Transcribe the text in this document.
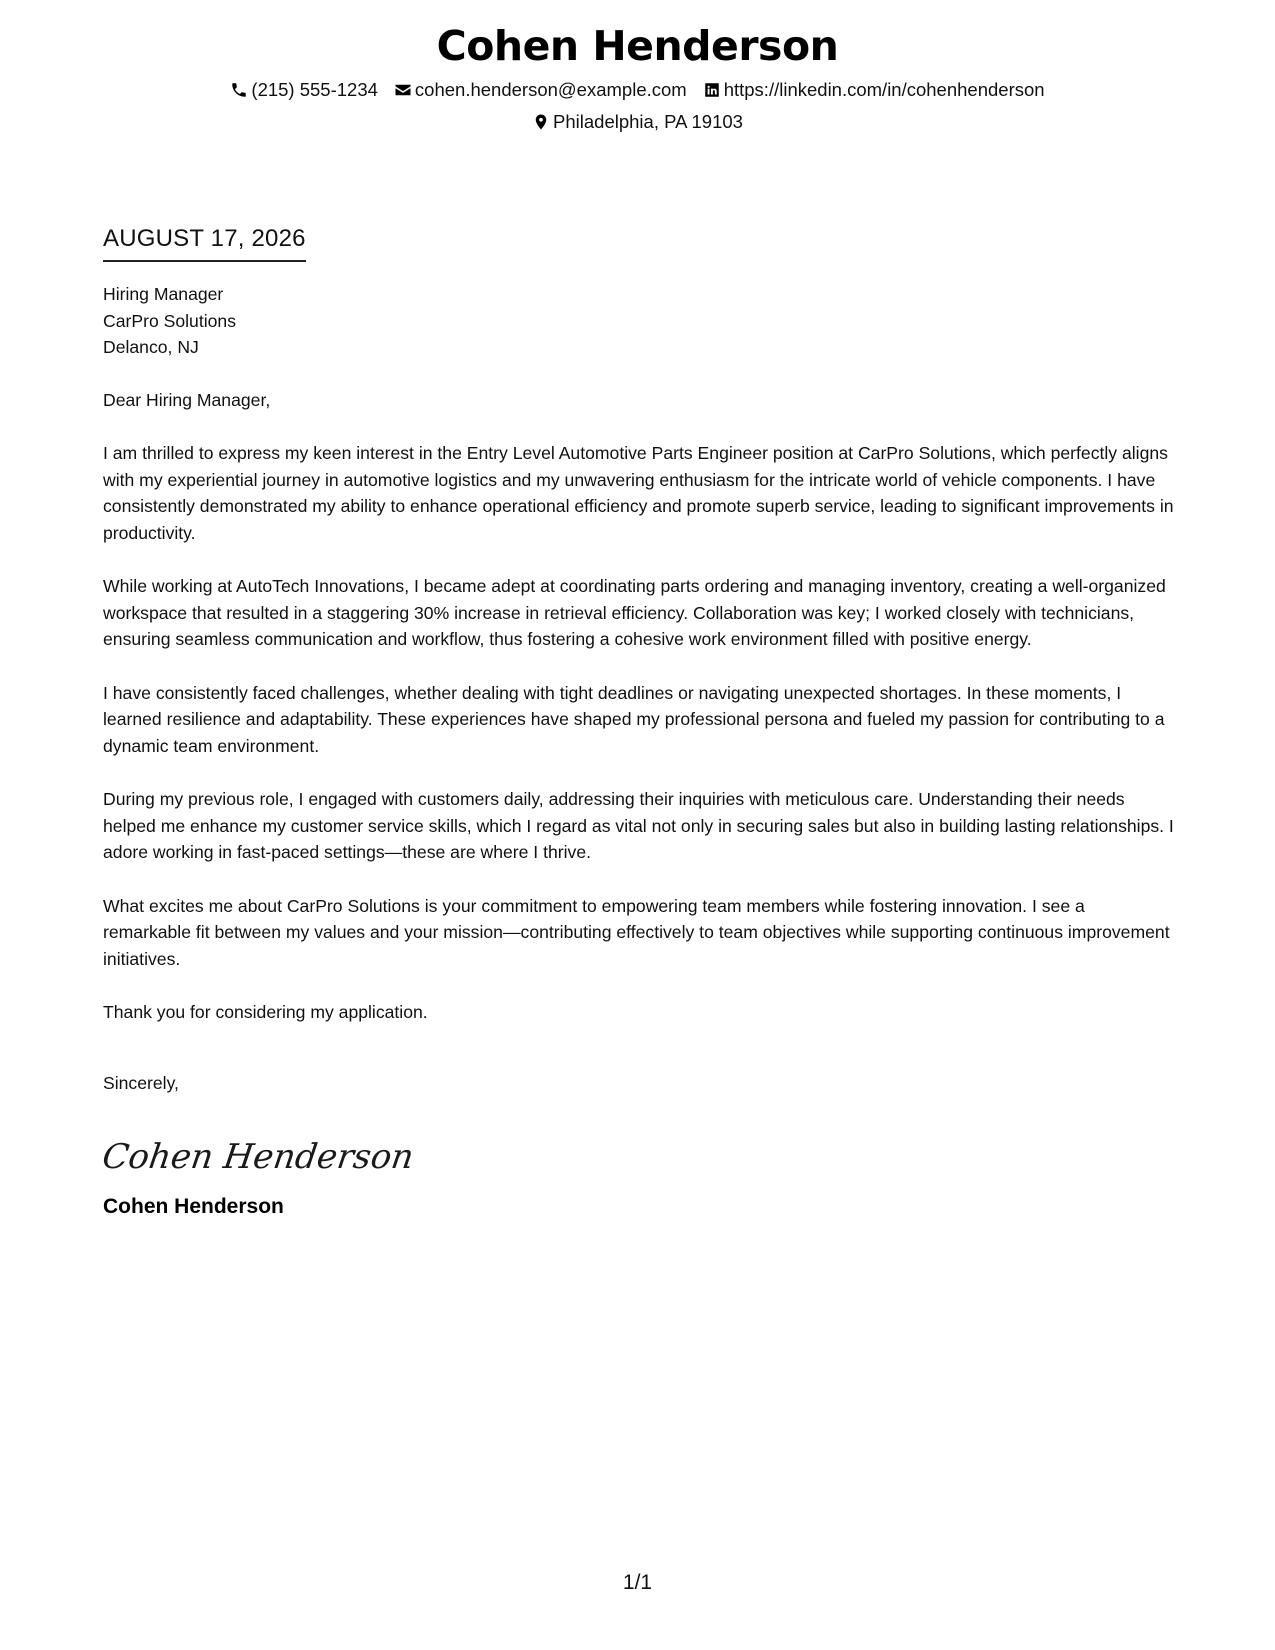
Cohen Henderson
(215) 555-1234 cohen.henderson@example.com https://linkedin.com/in/cohenhenderson
Philadelphia, PA 19103
AUGUST 17, 2026

Hiring Manager

CarPro Solutions

Delanco, NJ

Dear Hiring Manager,

I am thrilled to express my keen interest in the Entry Level Automotive Parts Engineer position at CarPro Solutions, which perfectly aligns with my experiential journey in automotive logistics and my unwavering enthusiasm for the intricate world of vehicle components. I have consistently demonstrated my ability to enhance operational efficiency and promote superb service, leading to significant improvements in productivity.

While working at AutoTech Innovations, I became adept at coordinating parts ordering and managing inventory, creating a well-organized workspace that resulted in a staggering 30% increase in retrieval efficiency. Collaboration was key; I worked closely with technicians, ensuring seamless communication and workflow, thus fostering a cohesive work environment filled with positive energy.

I have consistently faced challenges, whether dealing with tight deadlines or navigating unexpected shortages. In these moments, I learned resilience and adaptability. These experiences have shaped my professional persona and fueled my passion for contributing to a dynamic team environment.

During my previous role, I engaged with customers daily, addressing their inquiries with meticulous care. Understanding their needs helped me enhance my customer service skills, which I regard as vital not only in securing sales but also in building lasting relationships. I adore working in fast-paced settings—these are where I thrive.

What excites me about CarPro Solutions is your commitment to empowering team members while fostering innovation. I see a remarkable fit between my values and your mission—contributing effectively to team objectives while supporting continuous improvement initiatives.

Thank you for considering my application.

Sincerely,

Cohen Henderson
Cohen Henderson
1/1
